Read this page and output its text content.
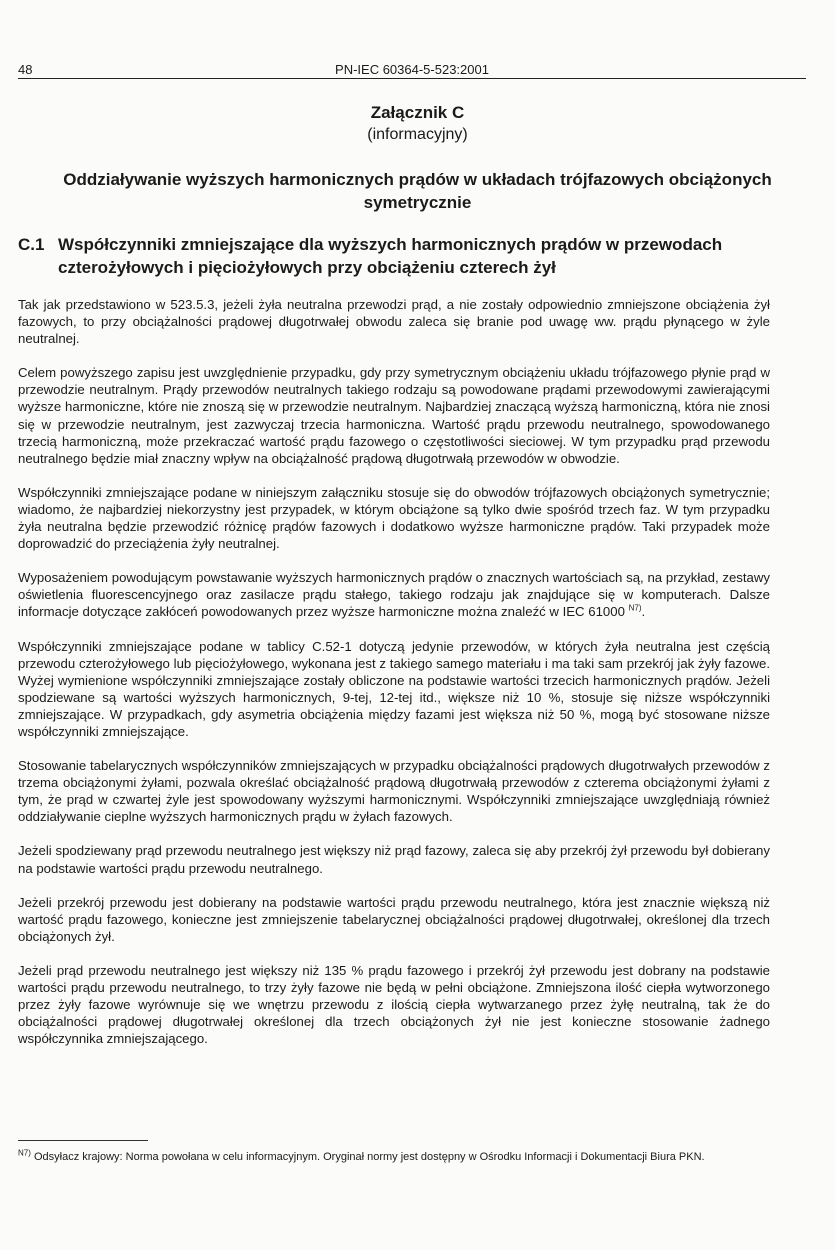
48	PN-IEC 60364-5-523:2001
Załącznik C
(informacyjny)
Oddziaływanie wyższych harmonicznych prądów w układach trójfazowych obciążonych symetrycznie
C.1 Współczynniki zmniejszające dla wyższych harmonicznych prądów w przewodach czterożyłowych i pięciożyłowych przy obciążeniu czterech żył

Tak jak przedstawiono w 523.5.3, jeżeli żyła neutralna przewodzi prąd, a nie zostały odpowiednio zmniejszone obciążenia żył fazowych, to przy obciążalności prądowej długotrwałej obwodu zaleca się branie pod uwagę ww. prądu płynącego w żyle neutralnej.

Celem powyższego zapisu jest uwzględnienie przypadku, gdy przy symetrycznym obciążeniu układu trójfazowego płynie prąd w przewodzie neutralnym. Prądy przewodów neutralnych takiego rodzaju są powodowane prądami przewodowymi zawierającymi wyższe harmoniczne, które nie znoszą się w przewodzie neutralnym. Najbardziej znaczącą wyższą harmoniczną, która nie znosi się w przewodzie neutralnym, jest zazwyczaj trzecia harmoniczna. Wartość prądu przewodu neutralnego, spowodowanego trzecią harmoniczną, może przekraczać wartość prądu fazowego o częstotliwości sieciowej. W tym przypadku prąd przewodu neutralnego będzie miał znaczny wpływ na obciążalność prądową długotrwałą przewodów w obwodzie.

Współczynniki zmniejszające podane w niniejszym załączniku stosuje się do obwodów trójfazowych obciążonych symetrycznie; wiadomo, że najbardziej niekorzystny jest przypadek, w którym obciążone są tylko dwie spośród trzech faz. W tym przypadku żyła neutralna będzie przewodzić różnicę prądów fazowych i dodatkowo wyższe harmoniczne prądów. Taki przypadek może doprowadzić do przeciążenia żyły neutralnej.

Wyposażeniem powodującym powstawanie wyższych harmonicznych prądów o znacznych wartościach są, na przykład, zestawy oświetlenia fluorescencyjnego oraz zasilacze prądu stałego, takiego rodzaju jak znajdujące się w komputerach. Dalsze informacje dotyczące zakłóceń powodowanych przez wyższe harmoniczne można znaleźć w IEC 61000 $^{N7)}$.

Współczynniki zmniejszające podane w tablicy C.52-1 dotyczą jedynie przewodów, w których żyła neutralna jest częścią przewodu czterożyłowego lub pięciożyłowego, wykonana jest z takiego samego materiału i ma taki sam przekrój jak żyły fazowe. Wyżej wymienione współczynniki zmniejszające zostały obliczone na podstawie wartości trzecich harmonicznych prądów. Jeżeli spodziewane są wartości wyższych harmonicznych, 9-tej, 12-tej itd., większe niż 10 %, stosuje się niższe współczynniki zmniejszające. W przypadkach, gdy asymetria obciążenia między fazami jest większa niż 50 %, mogą być stosowane niższe współczynniki zmniejszające.

Stosowanie tabelarycznych współczynników zmniejszających w przypadku obciążalności prądowych długotrwałych przewodów z trzema obciążonymi żyłami, pozwala określać obciążalność prądową długotrwałą przewodów z czterema obciążonymi żyłami z tym, że prąd w czwartej żyle jest spowodowany wyższymi harmonicznymi. Współczynniki zmniejszające uwzględniają również oddziaływanie cieplne wyższych harmonicznych prądu w żyłach fazowych.

Jeżeli spodziewany prąd przewodu neutralnego jest większy niż prąd fazowy, zaleca się aby przekrój żył przewodu był dobierany na podstawie wartości prądu przewodu neutralnego.

Jeżeli przekrój przewodu jest dobierany na podstawie wartości prądu przewodu neutralnego, która jest znacznie większą niż wartość prądu fazowego, konieczne jest zmniejszenie tabelarycznej obciążalności prądowej długotrwałej, określonej dla trzech obciążonych żył.

Jeżeli prąd przewodu neutralnego jest większy niż 135 % prądu fazowego i przekrój żył przewodu jest dobrany na podstawie wartości prądu przewodu neutralnego, to trzy żyły fazowe nie będą w pełni obciążone. Zmniejszona ilość ciepła wytworzonego przez żyły fazowe wyrównuje się we wnętrzu przewodu z ilością ciepła wytwarzanego przez żyłę neutralną, tak że do obciążalności prądowej długotrwałej określonej dla trzech obciążonych żył nie jest konieczne stosowanie żadnego współczynnika zmniejszającego.

$^{N7)}$ Odsyłacz krajowy: Norma powołana w celu informacyjnym. Oryginał normy jest dostępny w Ośrodku Informacji i Dokumentacji Biura PKN.
